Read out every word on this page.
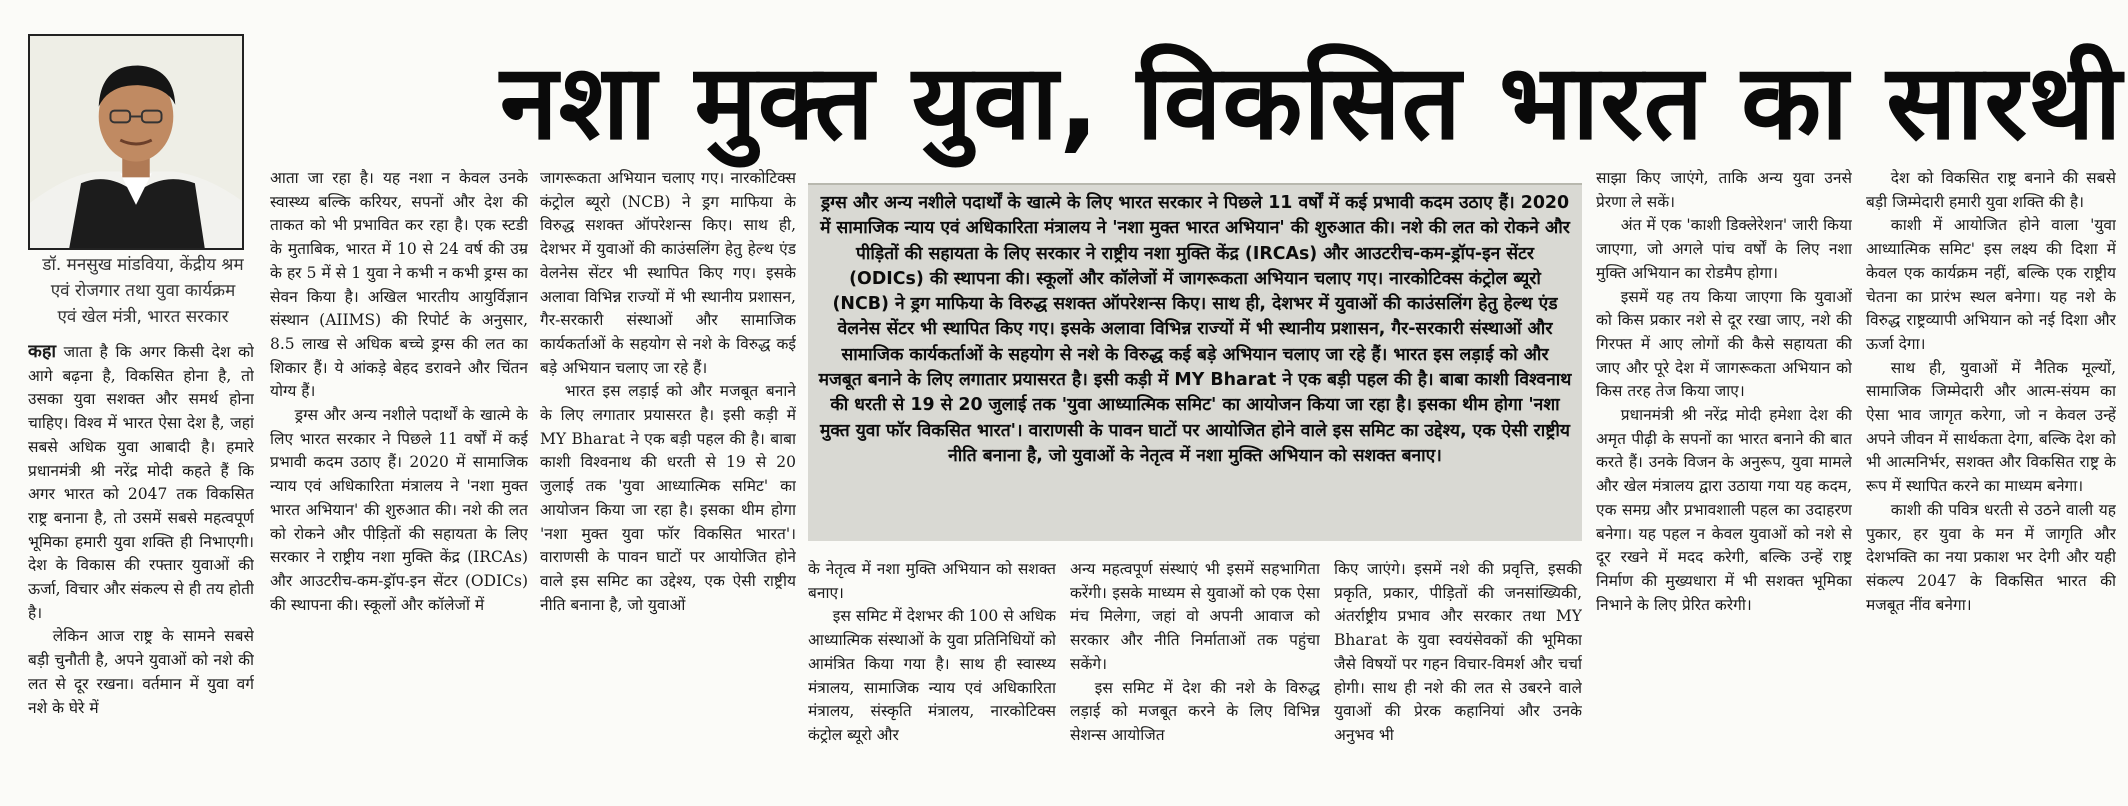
डॉ. मनसुख मांडविया, केंद्रीय श्रम
एवं रोजगार तथा युवा कार्यक्रम
एवं खेल मंत्री, भारत सरकार
नशा मुक्त युवा, विकसित भारत का सारथी

कहा जाता है कि अगर किसी देश को आगे बढ़ना है, विकसित होना है, तो उसका युवा सशक्त और समर्थ होना चाहिए। विश्व में भारत ऐसा देश है, जहां सबसे अधिक युवा आबादी है। हमारे प्रधानमंत्री श्री नरेंद्र मोदी कहते हैं कि अगर भारत को 2047 तक विकसित राष्ट्र बनाना है, तो उसमें सबसे महत्वपूर्ण भूमिका हमारी युवा शक्ति ही निभाएगी। देश के विकास की रफ्तार युवाओं की ऊर्जा, विचार और संकल्प से ही तय होती है।

लेकिन आज राष्ट्र के सामने सबसे बड़ी चुनौती है, अपने युवाओं को नशे की लत से दूर रखना। वर्तमान में युवा वर्ग नशे के घेरे में

आता जा रहा है। यह नशा न केवल उनके स्वास्थ्य बल्कि करियर, सपनों और देश की ताकत को भी प्रभावित कर रहा है। एक स्टडी के मुताबिक, भारत में 10 से 24 वर्ष की उम्र के हर 5 में से 1 युवा ने कभी न कभी ड्रग्स का सेवन किया है। अखिल भारतीय आयुर्विज्ञान संस्थान (AIIMS) की रिपोर्ट के अनुसार, 8.5 लाख से अधिक बच्चे ड्रग्स की लत का शिकार हैं। ये आंकड़े बेहद डरावने और चिंतन योग्य हैं।

ड्रग्स और अन्य नशीले पदार्थों के खात्मे के लिए भारत सरकार ने पिछले 11 वर्षों में कई प्रभावी कदम उठाए हैं। 2020 में सामाजिक न्याय एवं अधिकारिता मंत्रालय ने 'नशा मुक्त भारत अभियान' की शुरुआत की। नशे की लत को रोकने और पीड़ितों की सहायता के लिए सरकार ने राष्ट्रीय नशा मुक्ति केंद्र (IRCAs) और आउटरीच-कम-ड्रॉप-इन सेंटर (ODICs) की स्थापना की। स्कूलों और कॉलेजों में

जागरूकता अभियान चलाए गए। नारकोटिक्स कंट्रोल ब्यूरो (NCB) ने ड्रग माफिया के विरुद्ध सशक्त ऑपरेशन्स किए। साथ ही, देशभर में युवाओं की काउंसलिंग हेतु हेल्थ एंड वेलनेस सेंटर भी स्थापित किए गए। इसके अलावा विभिन्न राज्यों में भी स्थानीय प्रशासन, गैर-सरकारी संस्थाओं और सामाजिक कार्यकर्ताओं के सहयोग से नशे के विरुद्ध कई बड़े अभियान चलाए जा रहे हैं।

भारत इस लड़ाई को और मजबूत बनाने के लिए लगातार प्रयासरत है। इसी कड़ी में MY Bharat ने एक बड़ी पहल की है। बाबा काशी विश्वनाथ की धरती से 19 से 20 जुलाई तक 'युवा आध्यात्मिक समिट' का आयोजन किया जा रहा है। इसका थीम होगा 'नशा मुक्त युवा फॉर विकसित भारत'। वाराणसी के पावन घाटों पर आयोजित होने वाले इस समिट का उद्देश्य, एक ऐसी राष्ट्रीय नीति बनाना है, जो युवाओं

ड्रग्स और अन्य नशीले पदार्थों के खात्मे के लिए भारत सरकार ने पिछले 11 वर्षों में कई प्रभावी कदम उठाए हैं। 2020 में सामाजिक न्याय एवं अधिकारिता मंत्रालय ने 'नशा मुक्त भारत अभियान' की शुरुआत की। नशे की लत को रोकने और पीड़ितों की सहायता के लिए सरकार ने राष्ट्रीय नशा मुक्ति केंद्र (IRCAs) और आउटरीच-कम-ड्रॉप-इन सेंटर (ODICs) की स्थापना की। स्कूलों और कॉलेजों में जागरूकता अभियान चलाए गए। नारकोटिक्स कंट्रोल ब्यूरो (NCB) ने ड्रग माफिया के विरुद्ध सशक्त ऑपरेशन्स किए। साथ ही, देशभर में युवाओं की काउंसलिंग हेतु हेल्थ एंड वेलनेस सेंटर भी स्थापित किए गए। इसके अलावा विभिन्न राज्यों में भी स्थानीय प्रशासन, गैर-सरकारी संस्थाओं और सामाजिक कार्यकर्ताओं के सहयोग से नशे के विरुद्ध कई बड़े अभियान चलाए जा रहे हैं। भारत इस लड़ाई को और मजबूत बनाने के लिए लगातार प्रयासरत है। इसी कड़ी में MY Bharat ने एक बड़ी पहल की है। बाबा काशी विश्वनाथ की धरती से 19 से 20 जुलाई तक 'युवा आध्यात्मिक समिट' का आयोजन किया जा रहा है। इसका थीम होगा 'नशा मुक्त युवा फॉर विकसित भारत'। वाराणसी के पावन घाटों पर आयोजित होने वाले इस समिट का उद्देश्य, एक ऐसी राष्ट्रीय नीति बनाना है, जो युवाओं के नेतृत्व में नशा मुक्ति अभियान को सशक्त बनाए।

के नेतृत्व में नशा मुक्ति अभियान को सशक्त बनाए।

इस समिट में देशभर की 100 से अधिक आध्यात्मिक संस्थाओं के युवा प्रतिनिधियों को आमंत्रित किया गया है। साथ ही स्वास्थ्य मंत्रालय, सामाजिक न्याय एवं अधिकारिता मंत्रालय, संस्कृति मंत्रालय, नारकोटिक्स कंट्रोल ब्यूरो और

अन्य महत्वपूर्ण संस्थाएं भी इसमें सहभागिता करेंगी। इसके माध्यम से युवाओं को एक ऐसा मंच मिलेगा, जहां वो अपनी आवाज को सरकार और नीति निर्माताओं तक पहुंचा सकेंगे।

इस समिट में देश की नशे के विरुद्ध लड़ाई को मजबूत करने के लिए विभिन्न सेशन्स आयोजित

किए जाएंगे। इसमें नशे की प्रवृत्ति, इसकी प्रकृति, प्रकार, पीड़ितों की जनसांख्यिकी, अंतर्राष्ट्रीय प्रभाव और सरकार तथा MY Bharat के युवा स्वयंसेवकों की भूमिका जैसे विषयों पर गहन विचार-विमर्श और चर्चा होगी। साथ ही नशे की लत से उबरने वाले युवाओं की प्रेरक कहानियां और उनके अनुभव भी

साझा किए जाएंगे, ताकि अन्य युवा उनसे प्रेरणा ले सकें।

अंत में एक 'काशी डिक्लेरेशन' जारी किया जाएगा, जो अगले पांच वर्षों के लिए नशा मुक्ति अभियान का रोडमैप होगा।

इसमें यह तय किया जाएगा कि युवाओं को किस प्रकार नशे से दूर रखा जाए, नशे की गिरफ्त में आए लोगों की कैसे सहायता की जाए और पूरे देश में जागरूकता अभियान को किस तरह तेज किया जाए।

प्रधानमंत्री श्री नरेंद्र मोदी हमेशा देश की अमृत पीढ़ी के सपनों का भारत बनाने की बात करते हैं। उनके विजन के अनुरूप, युवा मामले और खेल मंत्रालय द्वारा उठाया गया यह कदम, एक समग्र और प्रभावशाली पहल का उदाहरण बनेगा। यह पहल न केवल युवाओं को नशे से दूर रखने में मदद करेगी, बल्कि उन्हें राष्ट्र निर्माण की मुख्यधारा में भी सशक्त भूमिका निभाने के लिए प्रेरित करेगी।

देश को विकसित राष्ट्र बनाने की सबसे बड़ी जिम्मेदारी हमारी युवा शक्ति की है।

काशी में आयोजित होने वाला 'युवा आध्यात्मिक समिट' इस लक्ष्य की दिशा में केवल एक कार्यक्रम नहीं, बल्कि एक राष्ट्रीय चेतना का प्रारंभ स्थल बनेगा। यह नशे के विरुद्ध राष्ट्रव्यापी अभियान को नई दिशा और ऊर्जा देगा।

साथ ही, युवाओं में नैतिक मूल्यों, सामाजिक जिम्मेदारी और आत्म-संयम का ऐसा भाव जागृत करेगा, जो न केवल उन्हें अपने जीवन में सार्थकता देगा, बल्कि देश को भी आत्मनिर्भर, सशक्त और विकसित राष्ट्र के रूप में स्थापित करने का माध्यम बनेगा।

काशी की पवित्र धरती से उठने वाली यह पुकार, हर युवा के मन में जागृति और देशभक्ति का नया प्रकाश भर देगी और यही संकल्प 2047 के विकसित भारत की मजबूत नींव बनेगा।
